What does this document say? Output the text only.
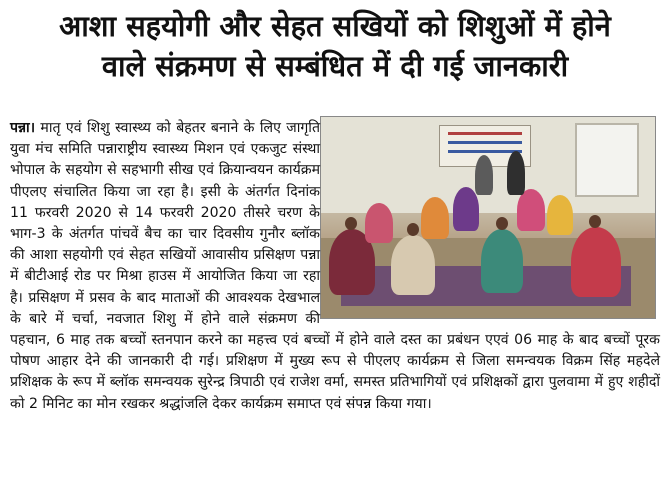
आशा सहयोगी और सेहत सखियों को शिशुओं में होने
वाले संक्रमण से सम्बंधित में दी गई जानकारी

पन्ना। मातृ एवं शिशु स्वास्थ्य को बेहतर बनाने के लिए जागृति युवा मंच समिति पन्नाराष्ट्रीय स्वास्थ्य मिशन एवं एकजुट संस्था भोपाल के सहयोग से सहभागी सीख एवं क्रियान्वयन कार्यक्रम पीएलए संचालित किया जा रहा है। इसी के अंतर्गत दिनांक 11 फरवरी 2020 से 14 फरवरी 2020 तीसरे चरण के भाग-3 के अंतर्गत पांचवें बैच का चार दिवसीय गुनौर ब्लॉक की आशा सहयोगी एवं सेहत सखियों आवासीय प्रसिक्षण पन्ना में बीटीआई रोड पर मिश्रा हाउस में आयोजित किया जा रहा है। प्रसिक्षण में प्रसव के बाद माताओं की आवश्यक देखभाल के बारे में चर्चा, नवजात शिशु में होने वाले संक्रमण की पहचान, 6 माह तक बच्चों स्तनपान करने का महत्त्व एवं बच्चों में होने वाले दस्त का प्रबंधन एएवं 06 माह के बाद बच्चों पूरक पोषण आहार देने की जानकारी दी गई। प्रशिक्षण में मुख्य रूप से पीएलए कार्यक्रम से जिला समन्वयक विक्रम सिंह महदेले प्रशिक्षक के रूप में ब्लॉक समन्वयक सुरेन्द्र त्रिपाठी एवं राजेश वर्मा, समस्त प्रतिभागियों एवं प्रशिक्षकों द्वारा पुलवामा में हुए शहीदों को 2 मिनिट का मोन रखकर श्रद्धांजलि देकर कार्यक्रम समाप्त एवं संपन्न किया गया।
